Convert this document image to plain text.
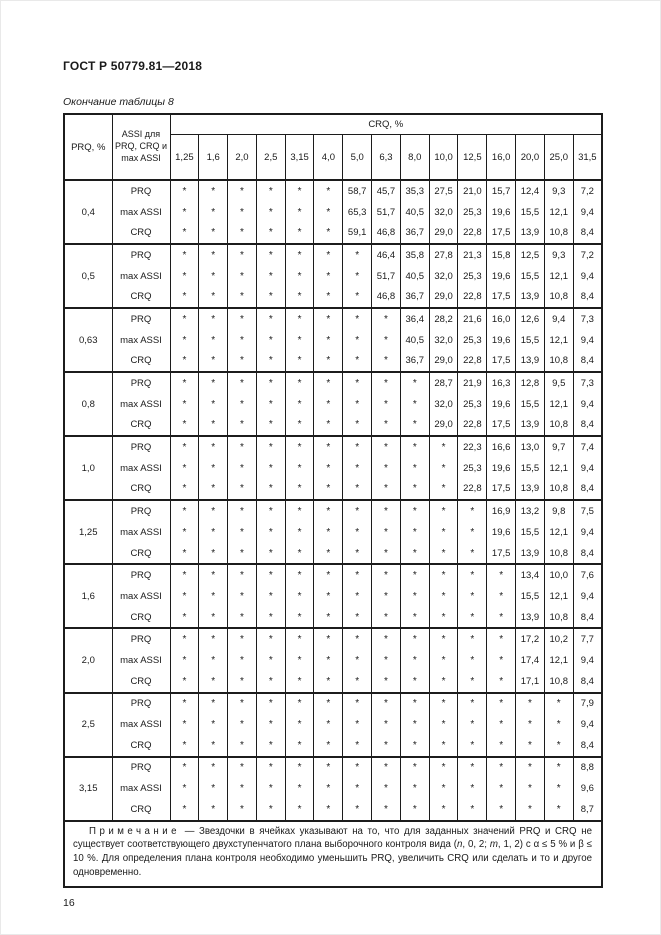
ГОСТ Р 50779.81—2018

Окончание таблицы 8

PRQ, %	ASSI для PRQ, CRQ и max ASSI	CRQ, %														
		1,25	1,6	2,0	2,5	3,15	4,0	5,0	6,3	8,0	10,0	12,5	16,0	20,0	25,0	31,5
0,4	PRQ	*	*	*	*	*	*	58,7	45,7	35,3	27,5	21,0	15,7	12,4	9,3	7,2
	max ASSI	*	*	*	*	*	*	65,3	51,7	40,5	32,0	25,3	19,6	15,5	12,1	9,4
	CRQ	*	*	*	*	*	*	59,1	46,8	36,7	29,0	22,8	17,5	13,9	10,8	8,4
0,5	PRQ	*	*	*	*	*	*	*	46,4	35,8	27,8	21,3	15,8	12,5	9,3	7,2
	max ASSI	*	*	*	*	*	*	*	51,7	40,5	32,0	25,3	19,6	15,5	12,1	9,4
	CRQ	*	*	*	*	*	*	*	46,8	36,7	29,0	22,8	17,5	13,9	10,8	8,4
0,63	PRQ	*	*	*	*	*	*	*	*	36,4	28,2	21,6	16,0	12,6	9,4	7,3
	max ASSI	*	*	*	*	*	*	*	*	40,5	32,0	25,3	19,6	15,5	12,1	9,4
	CRQ	*	*	*	*	*	*	*	*	36,7	29,0	22,8	17,5	13,9	10,8	8,4
0,8	PRQ	*	*	*	*	*	*	*	*	*	28,7	21,9	16,3	12,8	9,5	7,3
	max ASSI	*	*	*	*	*	*	*	*	*	32,0	25,3	19,6	15,5	12,1	9,4
	CRQ	*	*	*	*	*	*	*	*	*	29,0	22,8	17,5	13,9	10,8	8,4
1,0	PRQ	*	*	*	*	*	*	*	*	*	*	22,3	16,6	13,0	9,7	7,4
	max ASSI	*	*	*	*	*	*	*	*	*	*	25,3	19,6	15,5	12,1	9,4
	CRQ	*	*	*	*	*	*	*	*	*	*	22,8	17,5	13,9	10,8	8,4
1,25	PRQ	*	*	*	*	*	*	*	*	*	*	*	16,9	13,2	9,8	7,5
	max ASSI	*	*	*	*	*	*	*	*	*	*	*	19,6	15,5	12,1	9,4
	CRQ	*	*	*	*	*	*	*	*	*	*	*	17,5	13,9	10,8	8,4
1,6	PRQ	*	*	*	*	*	*	*	*	*	*	*	*	13,4	10,0	7,6
	max ASSI	*	*	*	*	*	*	*	*	*	*	*	*	15,5	12,1	9,4
	CRQ	*	*	*	*	*	*	*	*	*	*	*	*	13,9	10,8	8,4
2,0	PRQ	*	*	*	*	*	*	*	*	*	*	*	*	17,2	10,2	7,7
	max ASSI	*	*	*	*	*	*	*	*	*	*	*	*	17,4	12,1	9,4
	CRQ	*	*	*	*	*	*	*	*	*	*	*	*	17,1	10,8	8,4
2,5	PRQ	*	*	*	*	*	*	*	*	*	*	*	*	*	*	7,9
	max ASSI	*	*	*	*	*	*	*	*	*	*	*	*	*	*	9,4
	CRQ	*	*	*	*	*	*	*	*	*	*	*	*	*	*	8,4
3,15	PRQ	*	*	*	*	*	*	*	*	*	*	*	*	*	*	8,8
	max ASSI	*	*	*	*	*	*	*	*	*	*	*	*	*	*	9,6
	CRQ	*	*	*	*	*	*	*	*	*	*	*	*	*	*	8,7
Примечание — Звездочки в ячейках указывают на то, что для заданных значений PRQ и CRQ не существует соответствующего двухступенчатого плана выборочного контроля вида (n, 0, 2; m, 1, 2) с α ≤ 5 % и β ≤ 10 %. Для определения плана контроля необходимо уменьшить PRQ, увеличить CRQ или сделать и то и другое одновременно.																

16
